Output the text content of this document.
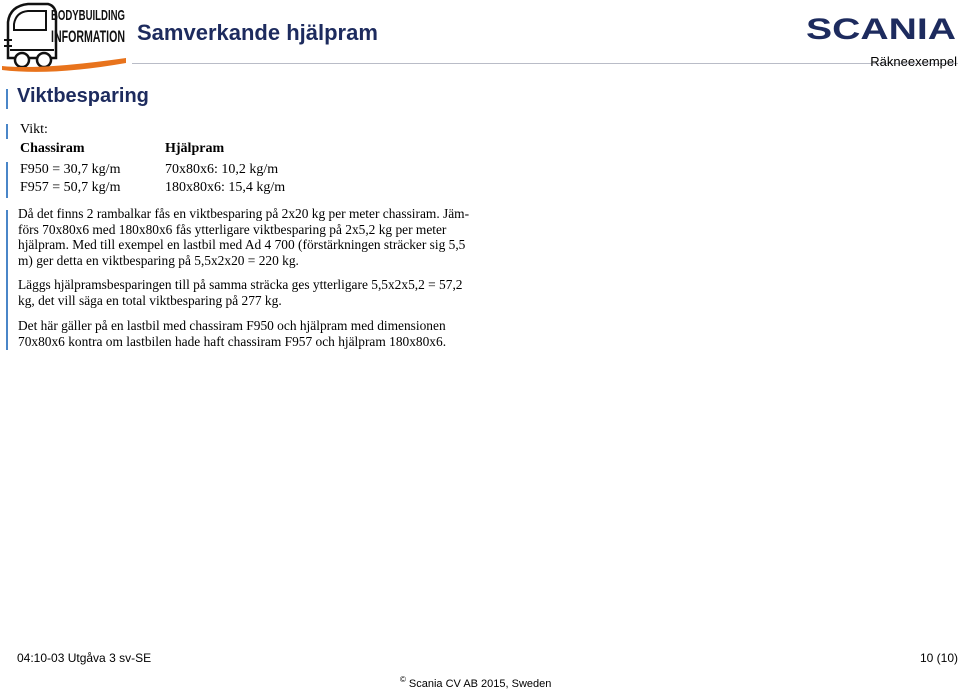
BODYBUILDING
INFORMATION Samverkande hjälpram	SCANIA
Räkneexempel
Viktbesparing
Vikt:
Chassiram	Hjälpram
F950 = 30,7 kg/m	70x80x6: 10,2 kg/m
F957 = 50,7 kg/m	180x80x6: 15,4 kg/m
Då det finns 2 rambalkar fås en viktbesparing på 2x20 kg per meter chassiram. Jäm-förs 70x80x6 med 180x80x6 fås ytterligare viktbesparing på 2x5,2 kg per meter hjälpram. Med till exempel en lastbil med Ad 4 700 (förstärkningen sträcker sig 5,5 m) ger detta en viktbesparing på 5,5x2x20 = 220 kg.
Läggs hjälpramsbesparingen till på samma sträcka ges ytterligare 5,5x2x5,2 = 57,2 kg, det vill säga en total viktbesparing på 277 kg.
Det här gäller på en lastbil med chassiram F950 och hjälpram med dimensionen 70x80x6 kontra om lastbilen hade haft chassiram F957 och hjälpram 180x80x6.
04:10-03 Utgåva 3 sv-SE	10 (10)
© Scania CV AB 2015, Sweden
